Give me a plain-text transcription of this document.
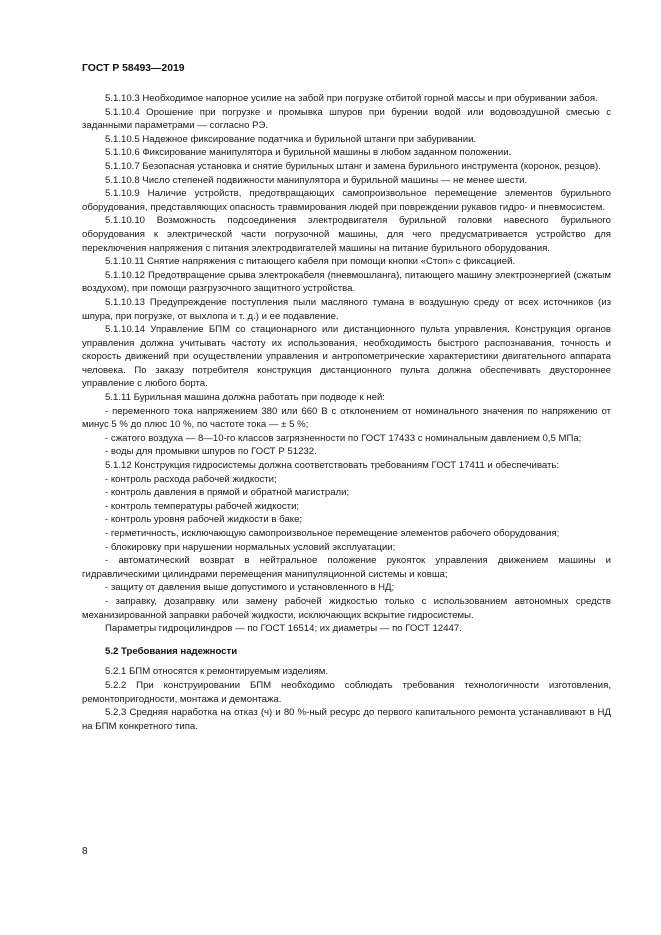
ГОСТ Р 58493—2019

5.1.10.3 Необходимое напорное усилие на забой при погрузке отбитой горной массы и при обуривании забоя.

5.1.10.4 Орошение при погрузке и промывка шпуров при бурении водой или водовоздушной смесью с заданными параметрами — согласно РЭ.

5.1.10.5 Надежное фиксирование податчика и бурильной штанги при забуривании.

5.1.10.6 Фиксирование манипулятора и бурильной машины в любом заданном положении.

5.1.10.7 Безопасная установка и снятие бурильных штанг и замена бурильного инструмента (коронок, резцов).

5.1.10.8 Число степеней подвижности манипулятора и бурильной машины — не менее шести.

5.1.10.9 Наличие устройств, предотвращающих самопроизвольное перемещение элементов бурильного оборудования, представляющих опасность травмирования людей при повреждении рукавов гидро- и пневмосистем.

5.1.10.10 Возможность подсоединения электродвигателя бурильной головки навесного бурильного оборудования к электрической части погрузочной машины, для чего предусматривается устройство для переключения напряжения с питания электродвигателей машины на питание бурильного оборудования.

5.1.10.11 Снятие напряжения с питающего кабеля при помощи кнопки «Стоп» с фиксацией.

5.1.10.12 Предотвращение срыва электрокабеля (пневмошланга), питающего машину электроэнергией (сжатым воздухом), при помощи разгрузочного защитного устройства.

5.1.10.13 Предупреждение поступления пыли масляного тумана в воздушную среду от всех источников (из шпура, при погрузке, от выхлопа и т. д.) и ее подавление.

5.1.10.14 Управление БПМ со стационарного или дистанционного пульта управления. Конструкция органов управления должна учитывать частоту их использования, необходимость быстрого распознавания, точность и скорость движений при осуществлении управления и антропометрические характеристики двигательного аппарата человека. По заказу потребителя конструкция дистанционного пульта должна обеспечивать двустороннее управление с любого борта.

5.1.11 Бурильная машина должна работать при подводе к ней:

- переменного тока напряжением 380 или 660 В с отклонением от номинального значения по напряжению от минус 5 % до плюс 10 %, по частоте тока — ± 5 %;

- сжатого воздуха — 8—10-го классов загрязненности по ГОСТ 17433 с номинальным давлением 0,5 МПа;

- воды для промывки шпуров по ГОСТ Р 51232.

5.1.12 Конструкция гидросистемы должна соответствовать требованиям ГОСТ 17411 и обеспечивать:

- контроль расхода рабочей жидкости;

- контроль давления в прямой и обратной магистрали;

- контроль температуры рабочей жидкости;

- контроль уровня рабочей жидкости в баке;

- герметичность, исключающую самопроизвольное перемещение элементов рабочего оборудования;

- блокировку при нарушении нормальных условий эксплуатации;

- автоматический возврат в нейтральное положение рукояток управления движением машины и гидравлическими цилиндрами перемещения манипуляционной системы и ковша;

- защиту от давления выше допустимого и установленного в НД;

- заправку, дозаправку или замену рабочей жидкостью только с использованием автономных средств механизированной заправки рабочей жидкости, исключающих вскрытие гидросистемы.

Параметры гидроцилиндров — по ГОСТ 16514; их диаметры — по ГОСТ 12447.

5.2 Требования надежности

5.2.1 БПМ относятся к ремонтируемым изделиям.

5.2.2 При конструировании БПМ необходимо соблюдать требования технологичности изготовления, ремонтопригодности, монтажа и демонтажа.

5.2.3 Средняя наработка на отказ (ч) и 80 %-ный ресурс до первого капитального ремонта устанавливают в НД на БПМ конкретного типа.

8
